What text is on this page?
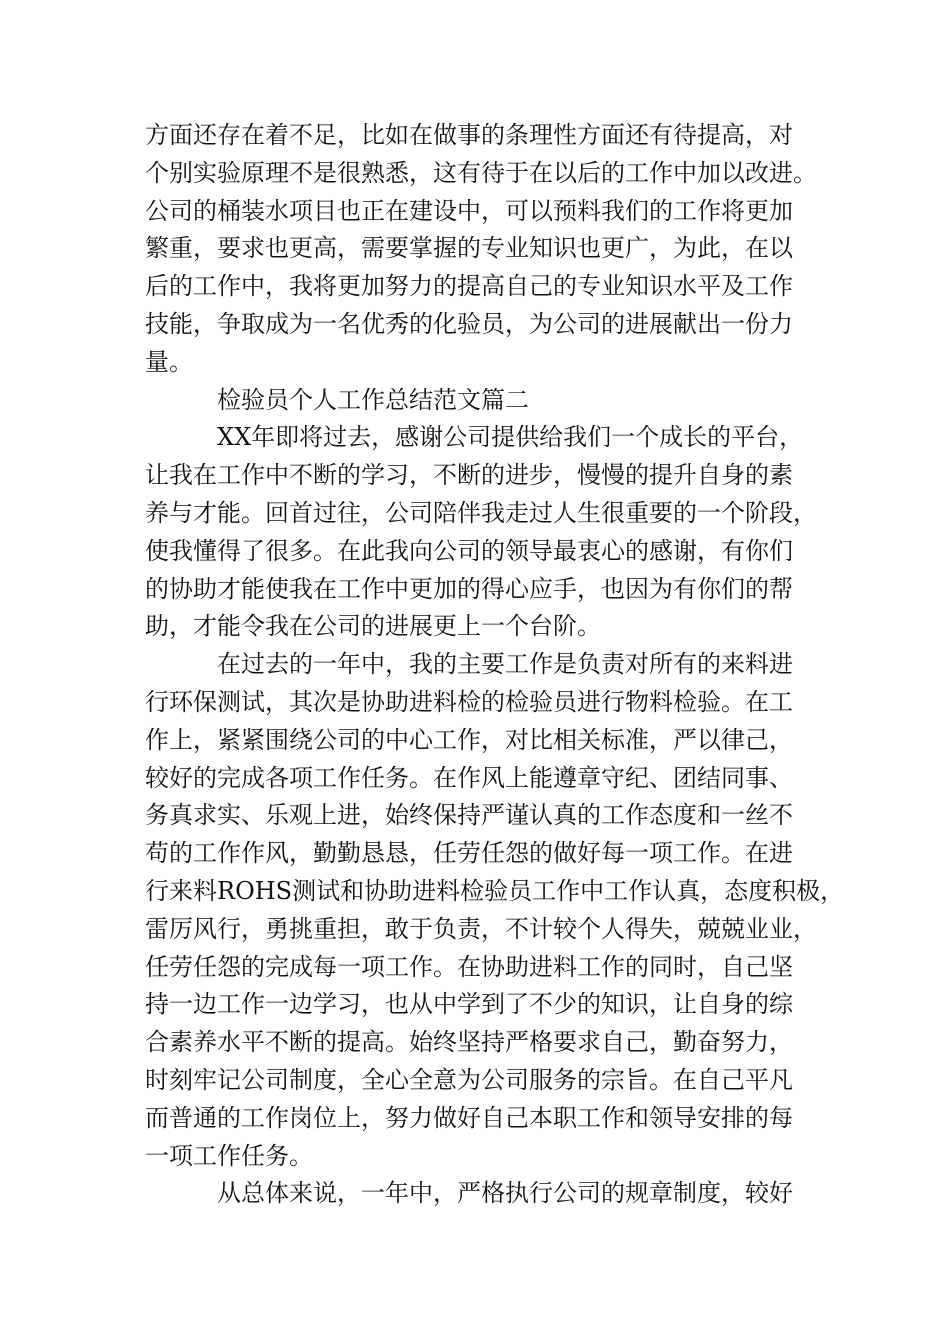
方面还存在着不足，比如在做事的条理性方面还有待提高，对
个别实验原理不是很熟悉，这有待于在以后的工作中加以改进。
公司的桶装水项目也正在建设中，可以预料我们的工作将更加
繁重，要求也更高，需要掌握的专业知识也更广，为此，在以
后的工作中，我将更加努力的提高自己的专业知识水平及工作
技能，争取成为一名优秀的化验员，为公司的进展献出一份力
量。
检验员个人工作总结范文篇二
XX年即将过去，感谢公司提供给我们一个成长的平台，
让我在工作中不断的学习，不断的进步，慢慢的提升自身的素
养与才能。回首过往，公司陪伴我走过人生很重要的一个阶段，
使我懂得了很多。在此我向公司的领导最衷心的感谢，有你们
的协助才能使我在工作中更加的得心应手，也因为有你们的帮
助，才能令我在公司的进展更上一个台阶。
在过去的一年中，我的主要工作是负责对所有的来料进
行环保测试，其次是协助进料检的检验员进行物料检验。在工
作上，紧紧围绕公司的中心工作，对比相关标准，严以律己，
较好的完成各项工作任务。在作风上能遵章守纪、团结同事、
务真求实、乐观上进，始终保持严谨认真的工作态度和一丝不
苟的工作作风，勤勤恳恳，任劳任怨的做好每一项工作。在进
行来料ROHS测试和协助进料检验员工作中工作认真，态度积极，
雷厉风行，勇挑重担，敢于负责，不计较个人得失，兢兢业业，
任劳任怨的完成每一项工作。在协助进料工作的同时，自己坚
持一边工作一边学习，也从中学到了不少的知识，让自身的综
合素养水平不断的提高。始终坚持严格要求自己，勤奋努力，
时刻牢记公司制度，全心全意为公司服务的宗旨。在自己平凡
而普通的工作岗位上，努力做好自己本职工作和领导安排的每
一项工作任务。
从总体来说，一年中，严格执行公司的规章制度，较好
